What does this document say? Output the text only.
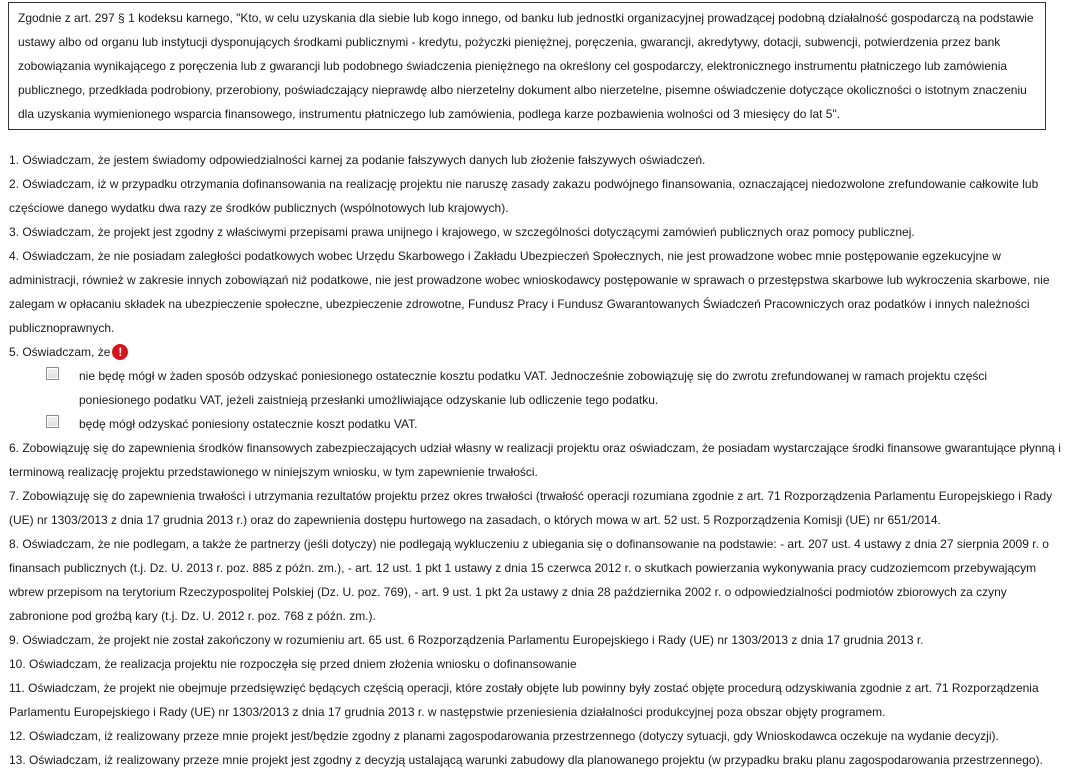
Zgodnie z art. 297 § 1 kodeksu karnego, "Kto, w celu uzyskania dla siebie lub kogo innego, od banku lub jednostki organizacyjnej prowadzącej podobną działalność gospodarczą na podstawie ustawy albo od organu lub instytucji dysponujących środkami publicznymi - kredytu, pożyczki pieniężnej, poręczenia, gwarancji, akredytywy, dotacji, subwencji, potwierdzenia przez bank zobowiązania wynikającego z poręczenia lub z gwarancji lub podobnego świadczenia pieniężnego na określony cel gospodarczy, elektronicznego instrumentu płatniczego lub zamówienia publicznego, przedkłada podrobiony, przerobiony, poświadczający nieprawdę albo nierzetelny dokument albo nierzetelne, pisemne oświadczenie dotyczące okoliczności o istotnym znaczeniu dla uzyskania wymienionego wsparcia finansowego, instrumentu płatniczego lub zamówienia, podlega karze pozbawienia wolności od 3 miesięcy do lat 5".

1. Oświadczam, że jestem świadomy odpowiedzialności karnej za podanie fałszywych danych lub złożenie fałszywych oświadczeń.

2. Oświadczam, iż w przypadku otrzymania dofinansowania na realizację projektu nie naruszę zasady zakazu podwójnego finansowania, oznaczającej niedozwolone zrefundowanie całkowite lub częściowe danego wydatku dwa razy ze środków publicznych (wspólnotowych lub krajowych).

3. Oświadczam, że projekt jest zgodny z właściwymi przepisami prawa unijnego i krajowego, w szczególności dotyczącymi zamówień publicznych oraz pomocy publicznej.

4. Oświadczam, że nie posiadam zaległości podatkowych wobec Urzędu Skarbowego i Zakładu Ubezpieczeń Społecznych, nie jest prowadzone wobec mnie postępowanie egzekucyjne w administracji, również w zakresie innych zobowiązań niż podatkowe, nie jest prowadzone wobec wnioskodawcy postępowanie w sprawach o przestępstwa skarbowe lub wykroczenia skarbowe, nie zalegam w opłacaniu składek na ubezpieczenie społeczne, ubezpieczenie zdrowotne, Fundusz Pracy i Fundusz Gwarantowanych Świadczeń Pracowniczych oraz podatków i innych należności publicznoprawnych.

5. Oświadczam, że !
nie będę mógł w żaden sposób odzyskać poniesionego ostatecznie kosztu podatku VAT. Jednocześnie zobowiązuję się do zwrotu zrefundowanej w ramach projektu części poniesionego podatku VAT, jeżeli zaistnieją przesłanki umożliwiające odzyskanie lub odliczenie tego podatku.
będę mógł odzyskać poniesiony ostatecznie koszt podatku VAT.

6. Zobowiązuję się do zapewnienia środków finansowych zabezpieczających udział własny w realizacji projektu oraz oświadczam, że posiadam wystarczające środki finansowe gwarantujące płynną i terminową realizację projektu przedstawionego w niniejszym wniosku, w tym zapewnienie trwałości.

7. Zobowiązuję się do zapewnienia trwałości i utrzymania rezultatów projektu przez okres trwałości (trwałość operacji rozumiana zgodnie z art. 71 Rozporządzenia Parlamentu Europejskiego i Rady (UE) nr 1303/2013 z dnia 17 grudnia 2013 r.) oraz do zapewnienia dostępu hurtowego na zasadach, o których mowa w art. 52 ust. 5 Rozporządzenia Komisji (UE) nr 651/2014.

8. Oświadczam, że nie podlegam, a także że partnerzy (jeśli dotyczy) nie podlegają wykluczeniu z ubiegania się o dofinansowanie na podstawie: - art. 207 ust. 4 ustawy z dnia 27 sierpnia 2009 r. o finansach publicznych (t.j. Dz. U. 2013 r. poz. 885 z późn. zm.), - art. 12 ust. 1 pkt 1 ustawy z dnia 15 czerwca 2012 r. o skutkach powierzania wykonywania pracy cudzoziemcom przebywającym wbrew przepisom na terytorium Rzeczypospolitej Polskiej (Dz. U. poz. 769), - art. 9 ust. 1 pkt 2a ustawy z dnia 28 października 2002 r. o odpowiedzialności podmiotów zbiorowych za czyny zabronione pod groźbą kary (t.j. Dz. U. 2012 r. poz. 768 z późn. zm.).

9. Oświadczam, że projekt nie został zakończony w rozumieniu art. 65 ust. 6 Rozporządzenia Parlamentu Europejskiego i Rady (UE) nr 1303/2013 z dnia 17 grudnia 2013 r.

10. Oświadczam, że realizacja projektu nie rozpoczęła się przed dniem złożenia wniosku o dofinansowanie

11. Oświadczam, że projekt nie obejmuje przedsięwzięć będących częścią operacji, które zostały objęte lub powinny były zostać objęte procedurą odzyskiwania zgodnie z art. 71 Rozporządzenia Parlamentu Europejskiego i Rady (UE) nr 1303/2013 z dnia 17 grudnia 2013 r. w następstwie przeniesienia działalności produkcyjnej poza obszar objęty programem.

12. Oświadczam, iż realizowany przeze mnie projekt jest/będzie zgodny z planami zagospodarowania przestrzennego (dotyczy sytuacji, gdy Wnioskodawca oczekuje na wydanie decyzji).

13. Oświadczam, iż realizowany przeze mnie projekt jest zgodny z decyzją ustalającą warunki zabudowy dla planowanego projektu (w przypadku braku planu zagospodarowania przestrzennego).
